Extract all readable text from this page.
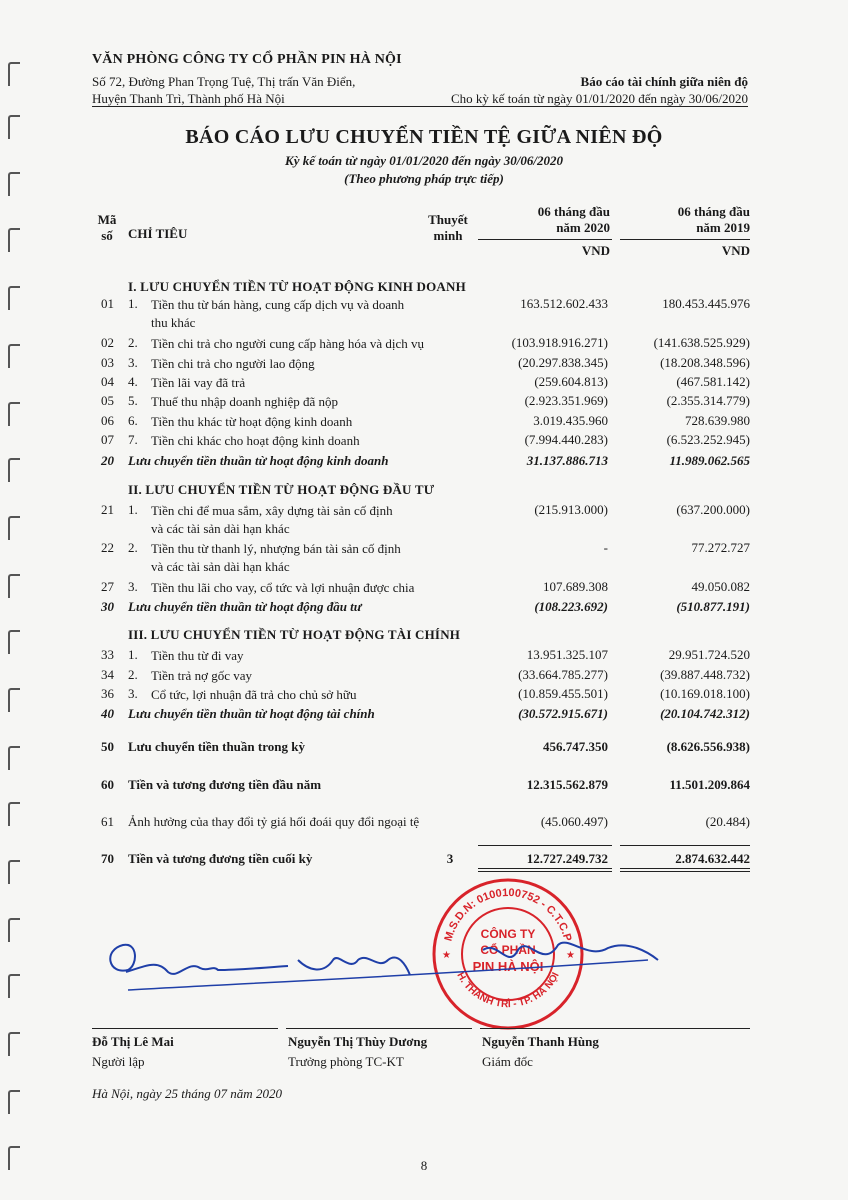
VĂN PHÒNG CÔNG TY CỔ PHẦN PIN HÀ NỘI
Số 72, Đường Phan Trọng Tuệ, Thị trấn Văn Điển,
Huyện Thanh Trì, Thành phố Hà Nội
Báo cáo tài chính giữa niên độ
Cho kỳ kế toán từ ngày 01/01/2020 đến ngày 30/06/2020
BÁO CÁO LƯU CHUYỂN TIỀN TỆ GIỮA NIÊN ĐỘ
Kỳ kế toán từ ngày 01/01/2020 đến ngày 30/06/2020
(Theo phương pháp trực tiếp)
Mã
số	CHỈ TIÊU
Thuyết
minh
06 tháng đầu
năm 2020
06 tháng đầu
năm 2019
VND	VND
I. LƯU CHUYỂN TIỀN TỪ HOẠT ĐỘNG KINH DOANH
01 1. Tiền thu từ bán hàng, cung cấp dịch vụ và doanh thu khác
163.512.602.433	180.453.445.976
02 2. Tiền chi trả cho người cung cấp hàng hóa và dịch vụ	(103.918.916.271)	(141.638.525.929)
03 3. Tiền chi trả cho người lao động	(20.297.838.345)	(18.208.348.596)
04 4. Tiền lãi vay đã trả	(259.604.813)	(467.581.142)
05 5. Thuế thu nhập doanh nghiệp đã nộp	(2.923.351.969)	(2.355.314.779)
06 6. Tiền thu khác từ hoạt động kinh doanh	3.019.435.960	728.639.980
07 7. Tiền chi khác cho hoạt động kinh doanh	(7.994.440.283)	(6.523.252.945)
20 Lưu chuyển tiền thuần từ hoạt động kinh doanh	31.137.886.713	11.989.062.565
II. LƯU CHUYỂN TIỀN TỪ HOẠT ĐỘNG ĐẦU TƯ
21 1. Tiền chi để mua sắm, xây dựng tài sản cố định và các tài sản dài hạn khác
(215.913.000)	(637.200.000)
22 2. Tiền thu từ thanh lý, nhượng bán tài sản cố định và các tài sản dài hạn khác
-	77.272.727
27 3. Tiền thu lãi cho vay, cổ tức và lợi nhuận được chia	107.689.308	49.050.082
30 Lưu chuyển tiền thuần từ hoạt động đầu tư	(108.223.692)	(510.877.191)
III. LƯU CHUYỂN TIỀN TỪ HOẠT ĐỘNG TÀI CHÍNH
33 1. Tiền thu từ đi vay	13.951.325.107	29.951.724.520
34 2. Tiền trả nợ gốc vay	(33.664.785.277)	(39.887.448.732)
36 3. Cổ tức, lợi nhuận đã trả cho chủ sở hữu	(10.859.455.501)	(10.169.018.100)
40 Lưu chuyển tiền thuần từ hoạt động tài chính	(30.572.915.671)	(20.104.742.312)
50 Lưu chuyển tiền thuần trong kỳ	456.747.350	(8.626.556.938)
60 Tiền và tương đương tiền đầu năm	12.315.562.879	11.501.209.864
61 Ảnh hưởng của thay đổi tỷ giá hối đoái quy đổi ngoại tệ	(45.060.497)	(20.484)
70 Tiền và tương đương tiền cuối kỳ	3	12.727.249.732	2.874.632.442
M.S.D.N: 0100100752 - C.T.C.P
H. THANH TRÌ - TP. HÀ NỘI
CÔNG TY
CỔ PHẦN
PIN HÀ NỘI
★	★
Đỗ Thị Lê Mai
Người lập
Nguyễn Thị Thùy Dương
Trưởng phòng TC-KT
Nguyễn Thanh Hùng
Giám đốc
Hà Nội, ngày 25 tháng 07 năm 2020
8
